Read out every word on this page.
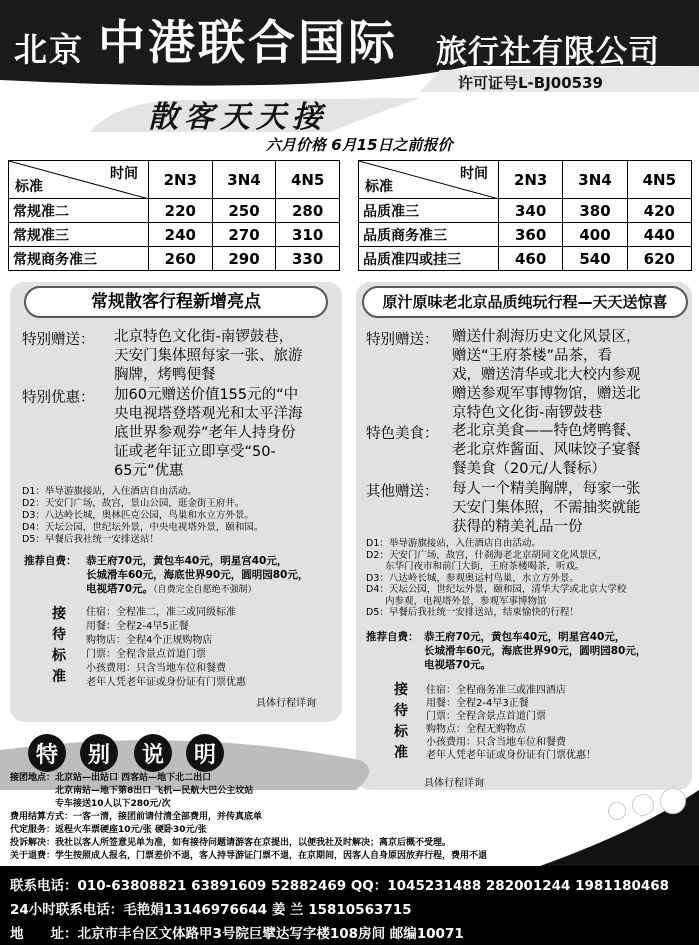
北京 中港联合国际 旅行社有限公司
许可证号L-BJ00539
散客天天接
六月价格 6月15日之前报价
时间
标准	2N3	3N4	4N5
常规准二	220	250	280
常规准三	240	270	310
常规商务准三	260	290	330
时间
标准	2N3	3N4	4N5
品质准三	340	380	420
品质商务准三	360	400	440
品质准四或挂三	460	540	620
常规散客行程新增亮点
特别赠送： 北京特色文化街-南锣鼓巷，
天安门集体照每家一张、旅游
胸牌，烤鸭便餐
特别优惠： 加60元赠送价值155元的“中
央电视塔登塔观光和太平洋海
底世界参观券”老年人持身份
证或老年证立即享受“50-
65元”优惠
D1：举导游旗接站，入住酒店自由活动。
D2：天安门广场，故宫，景山公园，逛金街王府井。
D3：八达岭长城，奥林匹克公园，鸟巢和水立方外景。
D4：天坛公园，世纪坛外景，中央电视塔外景，颐和园。
D5：早餐后我社统一安排送站！
推荐自费： 恭王府70元，黄包车40元，明星宫40元，
长城滑车60元，海底世界90元，圆明园80元，
电视塔70元。（自费完全自愿绝不强制）
接
待
标
准
住宿：全程准二，准三或同级标准
用餐：全程2-4早5正餐
购物店：全程4个正规购物店
门票：全程含景点首道门票
小孩费用：只含当地车位和餐费
老年人凭老年证或身份证有门票优惠
具体行程详询
原汁原味老北京品质纯玩行程—天天送惊喜
特别赠送： 赠送什刹海历史文化风景区，
赠送“王府茶楼”品茶，看
戏，赠送清华或北大校内参观
赠送参观军事博物馆，赠送北
京特色文化街-南锣鼓巷
特色美食： 老北京美食——特色烤鸭餐、
老北京炸酱面、风味饺子宴餐
餐美食（20元/人餐标）
其他赠送： 每人一个精美胸牌，每家一张
天安门集体照，不需抽奖就能
获得的精美礼品一份
D1：举导游旗接站，入住酒店自由活动。
D2：天安门广场，故宫，什刹海老北京胡同文化风景区，
　　东华门夜市和前门大街，王府茶楼喝茶，听戏。
D3：八达岭长城，参观奥运村鸟巢，水立方外景。
D4：天坛公园，世纪坛外景，颐和园，清华大学或北京大学校
　　内参观，电视塔外景，参观军事博物馆
D5：早餐后我社统一安排送站，结束愉快的行程！
推荐自费： 恭王府70元，黄包车40元，明星宫40元，
长城滑车60元，海底世界90元，圆明园80元，
电视塔70元。
接
待
标
准
住宿：全程商务准三或准四酒店
用餐：全程2-4早3正餐
门票：全程含景点首道门票
购物点：全程无购物点
小孩费用：只含当地车位和餐费
老年人凭老年证或身份证有门票优惠！
具体行程详询
特	别	说	明
接团地点：北京站—出站口 西客站—地下北二出口
　　　　　北京南站—地下第8出口 飞机—民航大巴公主坟站
　　　　　专车接送10人以下280元/次
费用结算方式：一客一清，接团前请付清全部费用，并传真底单
代定服务：返程火车票硬座10元/张 硬卧30元/张
投诉解决：我社以客人所签意见单为准，如有接待问题请游客在京提出，以便我社及时解决；离京后概不受理。
关于退费：学生按照成人报名，门票差价不退，客人持导游证门票不退，在京期间，因客人自身原因放弃行程，费用不退
联系电话：010-63808821 63891609 52882469 QQ：1045231488 282001244 1981180468
24小时联系电话：毛艳娟13146976644 姜 兰 15810563715
地　　址：北京市丰台区文体路甲3号院巨擘达写字楼108房间 邮编10071
